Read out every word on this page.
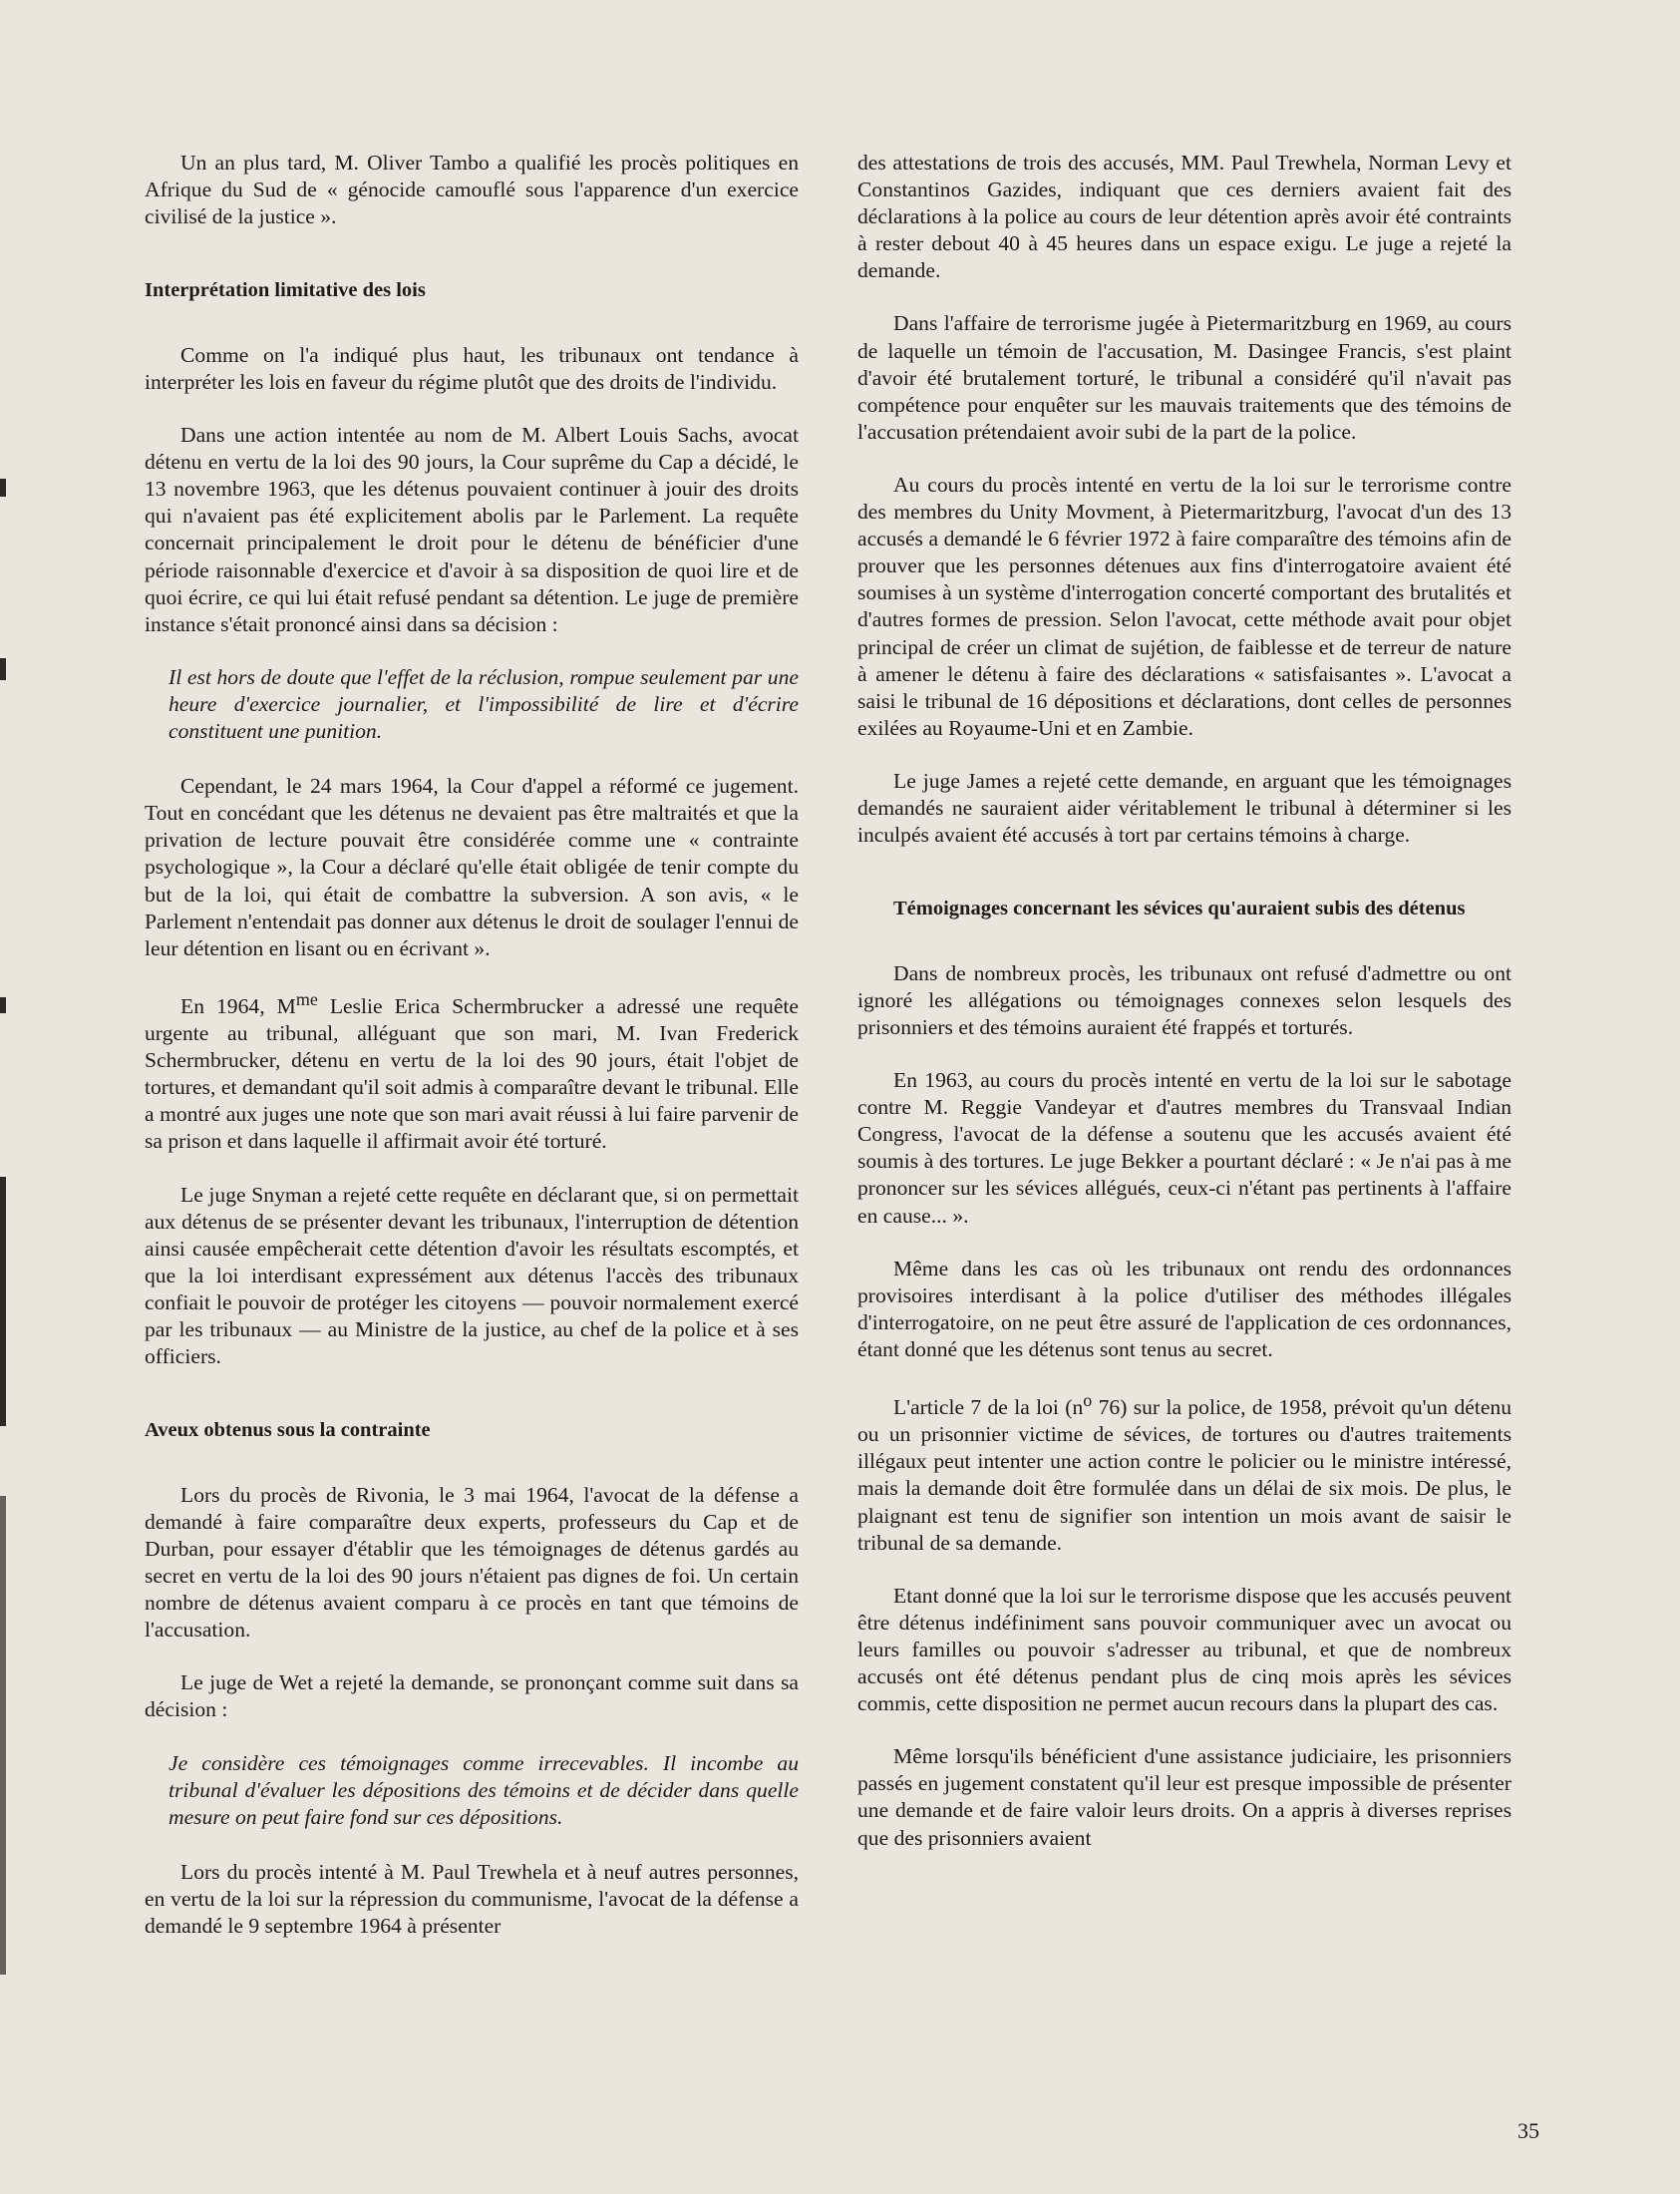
Un an plus tard, M. Oliver Tambo a qualifié les procès politiques en Afrique du Sud de « génocide camouflé sous l'apparence d'un exercice civilisé de la justice ».

Interprétation limitative des lois

Comme on l'a indiqué plus haut, les tribunaux ont tendance à interpréter les lois en faveur du régime plutôt que des droits de l'individu.

Dans une action intentée au nom de M. Albert Louis Sachs, avocat détenu en vertu de la loi des 90 jours, la Cour suprême du Cap a décidé, le 13 novembre 1963, que les détenus pouvaient continuer à jouir des droits qui n'avaient pas été explicitement abolis par le Parlement. La requête concernait principalement le droit pour le détenu de bénéficier d'une période raisonnable d'exercice et d'avoir à sa disposition de quoi lire et de quoi écrire, ce qui lui était refusé pendant sa détention. Le juge de première instance s'était prononcé ainsi dans sa décision :

Il est hors de doute que l'effet de la réclusion, rompue seulement par une heure d'exercice journalier, et l'impossibilité de lire et d'écrire constituent une punition.

Cependant, le 24 mars 1964, la Cour d'appel a réformé ce jugement. Tout en concédant que les détenus ne devaient pas être maltraités et que la privation de lecture pouvait être considérée comme une « contrainte psychologique », la Cour a déclaré qu'elle était obligée de tenir compte du but de la loi, qui était de combattre la subversion. A son avis, « le Parlement n'entendait pas donner aux détenus le droit de soulager l'ennui de leur détention en lisant ou en écrivant ».

En 1964, $M^{me}$ Leslie Erica Schermbrucker a adressé une requête urgente au tribunal, alléguant que son mari, M. Ivan Frederick Schermbrucker, détenu en vertu de la loi des 90 jours, était l'objet de tortures, et demandant qu'il soit admis à comparaître devant le tribunal. Elle a montré aux juges une note que son mari avait réussi à lui faire parvenir de sa prison et dans laquelle il affirmait avoir été torturé.

Le juge Snyman a rejeté cette requête en déclarant que, si on permettait aux détenus de se présenter devant les tribunaux, l'interruption de détention ainsi causée empêcherait cette détention d'avoir les résultats escomptés, et que la loi interdisant expressément aux détenus l'accès des tribunaux confiait le pouvoir de protéger les citoyens — pouvoir normalement exercé par les tribunaux — au Ministre de la justice, au chef de la police et à ses officiers.

Aveux obtenus sous la contrainte

Lors du procès de Rivonia, le 3 mai 1964, l'avocat de la défense a demandé à faire comparaître deux experts, professeurs du Cap et de Durban, pour essayer d'établir que les témoignages de détenus gardés au secret en vertu de la loi des 90 jours n'étaient pas dignes de foi. Un certain nombre de détenus avaient comparu à ce procès en tant que témoins de l'accusation.

Le juge de Wet a rejeté la demande, se prononçant comme suit dans sa décision :

Je considère ces témoignages comme irrecevables. Il incombe au tribunal d'évaluer les dépositions des témoins et de décider dans quelle mesure on peut faire fond sur ces dépositions.

Lors du procès intenté à M. Paul Trewhela et à neuf autres personnes, en vertu de la loi sur la répression du communisme, l'avocat de la défense a demandé le 9 septembre 1964 à présenter

des attestations de trois des accusés, MM. Paul Trewhela, Norman Levy et Constantinos Gazides, indiquant que ces derniers avaient fait des déclarations à la police au cours de leur détention après avoir été contraints à rester debout 40 à 45 heures dans un espace exigu. Le juge a rejeté la demande.

Dans l'affaire de terrorisme jugée à Pietermaritzburg en 1969, au cours de laquelle un témoin de l'accusation, M. Dasingee Francis, s'est plaint d'avoir été brutalement torturé, le tribunal a considéré qu'il n'avait pas compétence pour enquêter sur les mauvais traitements que des témoins de l'accusation prétendaient avoir subi de la part de la police.

Au cours du procès intenté en vertu de la loi sur le terrorisme contre des membres du Unity Movment, à Pietermaritzburg, l'avocat d'un des 13 accusés a demandé le 6 février 1972 à faire comparaître des témoins afin de prouver que les personnes détenues aux fins d'interrogatoire avaient été soumises à un système d'interrogation concerté comportant des brutalités et d'autres formes de pression. Selon l'avocat, cette méthode avait pour objet principal de créer un climat de sujétion, de faiblesse et de terreur de nature à amener le détenu à faire des déclarations « satisfaisantes ». L'avocat a saisi le tribunal de 16 dépositions et déclarations, dont celles de personnes exilées au Royaume-Uni et en Zambie.

Le juge James a rejeté cette demande, en arguant que les témoignages demandés ne sauraient aider véritablement le tribunal à déterminer si les inculpés avaient été accusés à tort par certains témoins à charge.

Témoignages concernant les sévices qu'auraient subis des détenus

Dans de nombreux procès, les tribunaux ont refusé d'admettre ou ont ignoré les allégations ou témoignages connexes selon lesquels des prisonniers et des témoins auraient été frappés et torturés.

En 1963, au cours du procès intenté en vertu de la loi sur le sabotage contre M. Reggie Vandeyar et d'autres membres du Transvaal Indian Congress, l'avocat de la défense a soutenu que les accusés avaient été soumis à des tortures. Le juge Bekker a pourtant déclaré : « Je n'ai pas à me prononcer sur les sévices allégués, ceux-ci n'étant pas pertinents à l'affaire en cause... ».

Même dans les cas où les tribunaux ont rendu des ordonnances provisoires interdisant à la police d'utiliser des méthodes illégales d'interrogatoire, on ne peut être assuré de l'application de ces ordonnances, étant donné que les détenus sont tenus au secret.

L'article 7 de la loi ($n^o$ 76) sur la police, de 1958, prévoit qu'un détenu ou un prisonnier victime de sévices, de tortures ou d'autres traitements illégaux peut intenter une action contre le policier ou le ministre intéressé, mais la demande doit être formulée dans un délai de six mois. De plus, le plaignant est tenu de signifier son intention un mois avant de saisir le tribunal de sa demande.

Etant donné que la loi sur le terrorisme dispose que les accusés peuvent être détenus indéfiniment sans pouvoir communiquer avec un avocat ou leurs familles ou pouvoir s'adresser au tribunal, et que de nombreux accusés ont été détenus pendant plus de cinq mois après les sévices commis, cette disposition ne permet aucun recours dans la plupart des cas.

Même lorsqu'ils bénéficient d'une assistance judiciaire, les prisonniers passés en jugement constatent qu'il leur est presque impossible de présenter une demande et de faire valoir leurs droits. On a appris à diverses reprises que des prisonniers avaient

35
